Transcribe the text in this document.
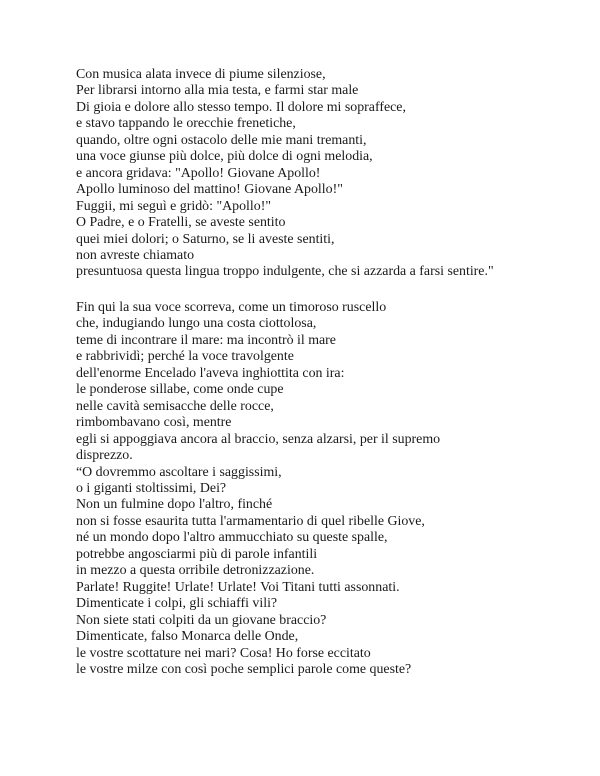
Con musica alata invece di piume silenziose,
Per librarsi intorno alla mia testa, e farmi star male
Di gioia e dolore allo stesso tempo. Il dolore mi sopraffece,
e stavo tappando le orecchie frenetiche,
quando, oltre ogni ostacolo delle mie mani tremanti,
una voce giunse più dolce, più dolce di ogni melodia,
e ancora gridava: "Apollo! Giovane Apollo!
Apollo luminoso del mattino! Giovane Apollo!"
Fuggii, mi seguì e gridò: "Apollo!"
O Padre, e o Fratelli, se aveste sentito
quei miei dolori; o Saturno, se li aveste sentiti,
non avreste chiamato
presuntuosa questa lingua troppo indulgente, che si azzarda a farsi sentire."
Fin qui la sua voce scorreva, come un timoroso ruscello
che, indugiando lungo una costa ciottolosa,
teme di incontrare il mare: ma incontrò il mare
e rabbrividì; perché la voce travolgente
dell'enorme Encelado l'aveva inghiottita con ira:
le ponderose sillabe, come onde cupe
nelle cavità semisacche delle rocce,
rimbombavano così, mentre
egli si appoggiava ancora al braccio, senza alzarsi, per il supremo
disprezzo.
“O dovremmo ascoltare i saggissimi,
o i giganti stoltissimi, Dei?
Non un fulmine dopo l'altro, finché
non si fosse esaurita tutta l'armamentario di quel ribelle Giove,
né un mondo dopo l'altro ammucchiato su queste spalle,
potrebbe angosciarmi più di parole infantili
in mezzo a questa orribile detronizzazione.
Parlate! Ruggite! Urlate! Urlate! Voi Titani tutti assonnati.
Dimenticate i colpi, gli schiaffi vili?
Non siete stati colpiti da un giovane braccio?
Dimenticate, falso Monarca delle Onde,
le vostre scottature nei mari? Cosa! Ho forse eccitato
le vostre milze con così poche semplici parole come queste?
